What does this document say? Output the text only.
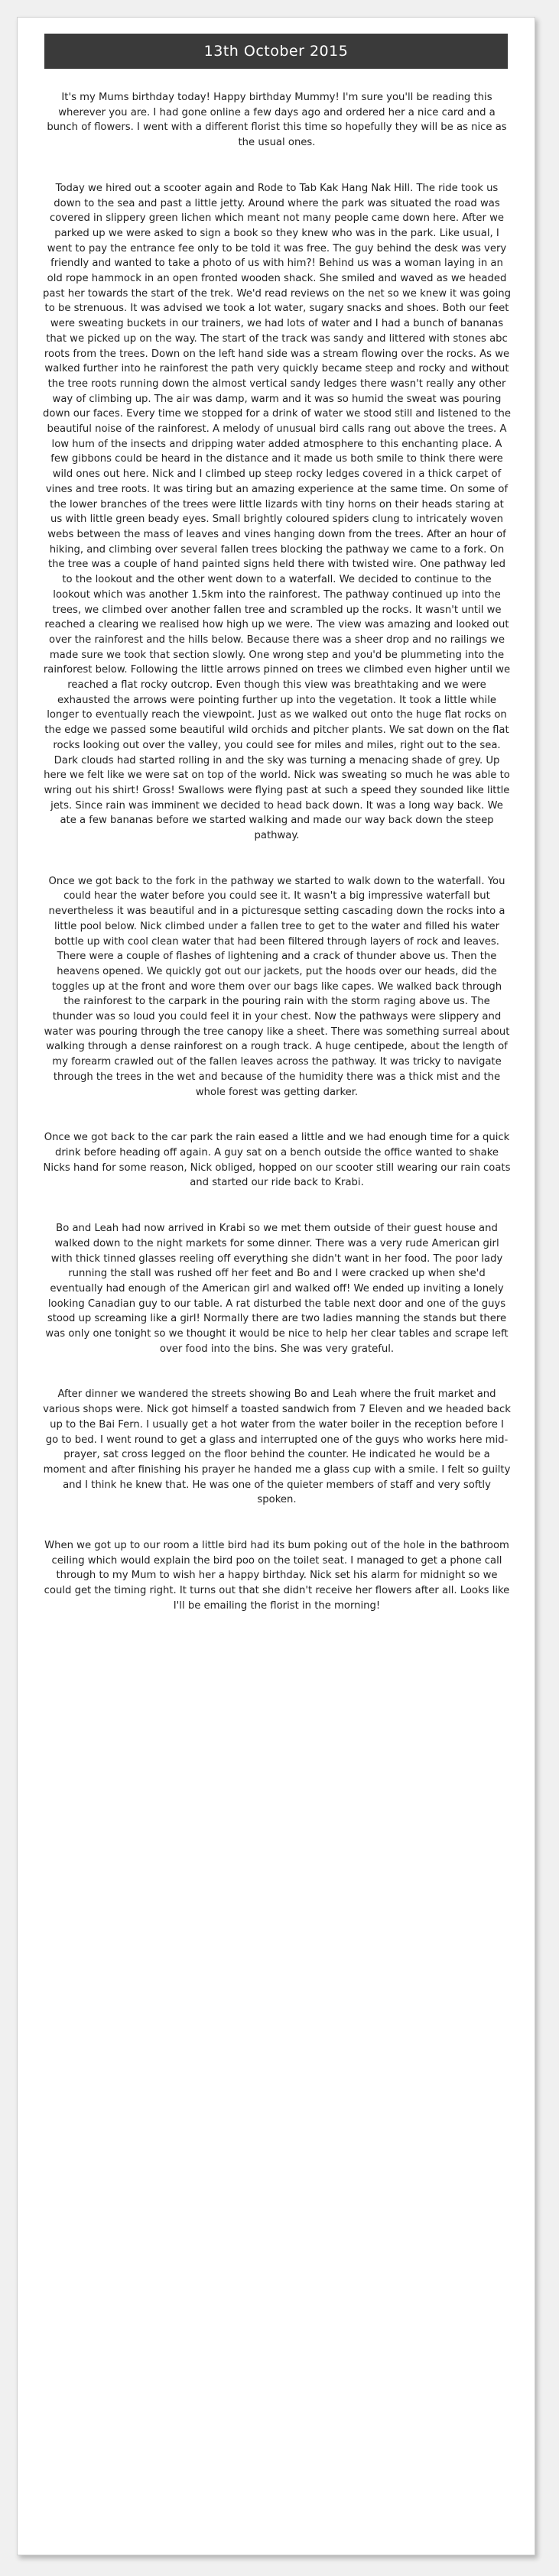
13th October 2015

It's my Mums birthday today! Happy birthday Mummy! I'm sure you'll be reading this wherever you are. I had gone online a few days ago and ordered her a nice card and a bunch of flowers. I went with a different florist this time so hopefully they will be as nice as the usual ones.

Today we hired out a scooter again and Rode to Tab Kak Hang Nak Hill. The ride took us down to the sea and past a little jetty. Around where the park was situated the road was covered in slippery green lichen which meant not many people came down here. After we parked up we were asked to sign a book so they knew who was in the park. Like usual, I went to pay the entrance fee only to be told it was free. The guy behind the desk was very friendly and wanted to take a photo of us with him?! Behind us was a woman laying in an old rope hammock in an open fronted wooden shack. She smiled and waved as we headed past her towards the start of the trek. We'd read reviews on the net so we knew it was going to be strenuous. It was advised we took a lot water, sugary snacks and shoes. Both our feet were sweating buckets in our trainers, we had lots of water and I had a bunch of bananas that we picked up on the way. The start of the track was sandy and littered with stones abc roots from the trees. Down on the left hand side was a stream flowing over the rocks. As we walked further into he rainforest the path very quickly became steep and rocky and without the tree roots running down the almost vertical sandy ledges there wasn't really any other way of climbing up. The air was damp, warm and it was so humid the sweat was pouring down our faces. Every time we stopped for a drink of water we stood still and listened to the beautiful noise of the rainforest. A melody of unusual bird calls rang out above the trees. A low hum of the insects and dripping water added atmosphere to this enchanting place. A few gibbons could be heard in the distance and it made us both smile to think there were wild ones out here. Nick and I climbed up steep rocky ledges covered in a thick carpet of vines and tree roots. It was tiring but an amazing experience at the same time. On some of the lower branches of the trees were little lizards with tiny horns on their heads staring at us with little green beady eyes. Small brightly coloured spiders clung to intricately woven webs between the mass of leaves and vines hanging down from the trees. After an hour of hiking, and climbing over several fallen trees blocking the pathway we came to a fork. On the tree was a couple of hand painted signs held there with twisted wire. One pathway led to the lookout and the other went down to a waterfall. We decided to continue to the lookout which was another 1.5km into the rainforest. The pathway continued up into the trees, we climbed over another fallen tree and scrambled up the rocks. It wasn't until we reached a clearing we realised how high up we were. The view was amazing and looked out over the rainforest and the hills below. Because there was a sheer drop and no railings we made sure we took that section slowly. One wrong step and you'd be plummeting into the rainforest below. Following the little arrows pinned on trees we climbed even higher until we reached a flat rocky outcrop. Even though this view was breathtaking and we were exhausted the arrows were pointing further up into the vegetation. It took a little while longer to eventually reach the viewpoint. Just as we walked out onto the huge flat rocks on the edge we passed some beautiful wild orchids and pitcher plants. We sat down on the flat rocks looking out over the valley, you could see for miles and miles, right out to the sea. Dark clouds had started rolling in and the sky was turning a menacing shade of grey. Up here we felt like we were sat on top of the world. Nick was sweating so much he was able to wring out his shirt! Gross! Swallows were flying past at such a speed they sounded like little jets. Since rain was imminent we decided to head back down. It was a long way back. We ate a few bananas before we started walking and made our way back down the steep pathway.

Once we got back to the fork in the pathway we started to walk down to the waterfall. You could hear the water before you could see it. It wasn't a big impressive waterfall but nevertheless it was beautiful and in a picturesque setting cascading down the rocks into a little pool below. Nick climbed under a fallen tree to get to the water and filled his water bottle up with cool clean water that had been filtered through layers of rock and leaves. There were a couple of flashes of lightening and a crack of thunder above us. Then the heavens opened. We quickly got out our jackets, put the hoods over our heads, did the toggles up at the front and wore them over our bags like capes. We walked back through the rainforest to the carpark in the pouring rain with the storm raging above us. The thunder was so loud you could feel it in your chest. Now the pathways were slippery and water was pouring through the tree canopy like a sheet. There was something surreal about walking through a dense rainforest on a rough track. A huge centipede, about the length of my forearm crawled out of the fallen leaves across the pathway. It was tricky to navigate through the trees in the wet and because of the humidity there was a thick mist and the whole forest was getting darker.

Once we got back to the car park the rain eased a little and we had enough time for a quick drink before heading off again. A guy sat on a bench outside the office wanted to shake Nicks hand for some reason, Nick obliged, hopped on our scooter still wearing our rain coats and started our ride back to Krabi.

Bo and Leah had now arrived in Krabi so we met them outside of their guest house and walked down to the night markets for some dinner. There was a very rude American girl with thick tinned glasses reeling off everything she didn't want in her food. The poor lady running the stall was rushed off her feet and Bo and I were cracked up when she'd eventually had enough of the American girl and walked off! We ended up inviting a lonely looking Canadian guy to our table. A rat disturbed the table next door and one of the guys stood up screaming like a girl! Normally there are two ladies manning the stands but there was only one tonight so we thought it would be nice to help her clear tables and scrape left over food into the bins. She was very grateful.

After dinner we wandered the streets showing Bo and Leah where the fruit market and various shops were. Nick got himself a toasted sandwich from 7 Eleven and we headed back up to the Bai Fern. I usually get a hot water from the water boiler in the reception before I go to bed. I went round to get a glass and interrupted one of the guys who works here mid-prayer, sat cross legged on the floor behind the counter. He indicated he would be a moment and after finishing his prayer he handed me a glass cup with a smile. I felt so guilty and I think he knew that. He was one of the quieter members of staff and very softly spoken.

When we got up to our room a little bird had its bum poking out of the hole in the bathroom ceiling which would explain the bird poo on the toilet seat. I managed to get a phone call through to my Mum to wish her a happy birthday. Nick set his alarm for midnight so we could get the timing right. It turns out that she didn't receive her flowers after all. Looks like I'll be emailing the florist in the morning!
